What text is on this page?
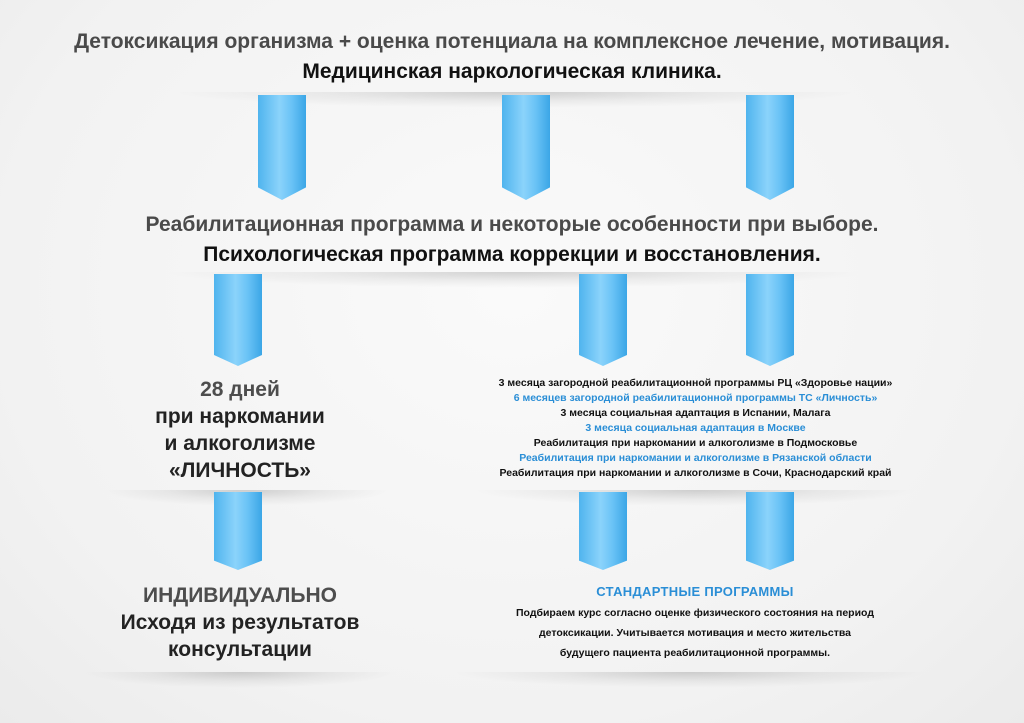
Детоксикация организма + оценка потенциала на комплексное лечение, мотивация.
Медицинская наркологическая клиника.
Реабилитационная программа и некоторые особенности при выборе.
Психологическая программа коррекции и восстановления.
28 дней
при наркомании
и алкоголизме
«ЛИЧНОСТЬ»
3 месяца загородной реабилитационной программы РЦ «Здоровье нации»
6 месяцев загородной реабилитационной программы ТС «Личность»
3 месяца социальная адаптация в Испании, Малага
3 месяца социальная адаптация в Москве
Реабилитация при наркомании и алкоголизме в Подмосковье
Реабилитация при наркомании и алкоголизме в Рязанской области
Реабилитация при наркомании и алкоголизме в Сочи, Краснодарский край
ИНДИВИДУАЛЬНО
Исходя из результатов
консультации
СТАНДАРТНЫЕ ПРОГРАММЫ
Подбираем курс согласно оценке физического состояния на период
детоксикации. Учитывается мотивация и место жительства
будущего пациента реабилитационной программы.
